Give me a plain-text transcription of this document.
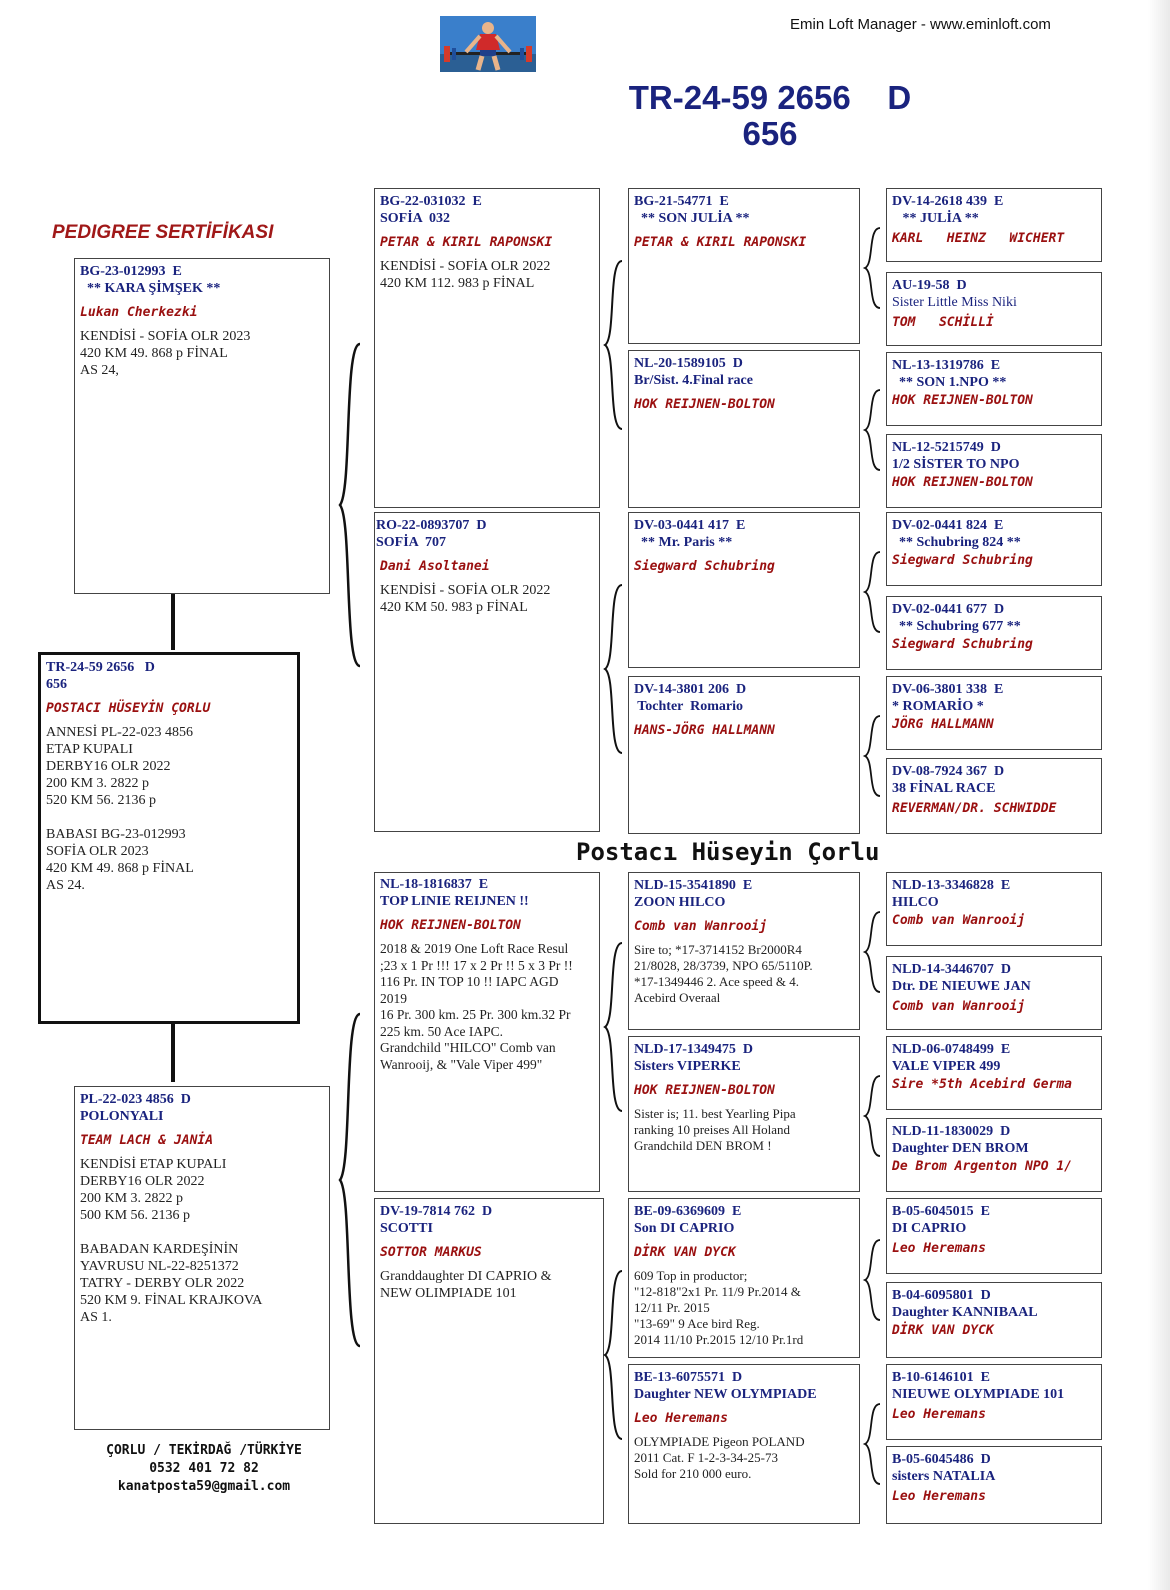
Emin Loft Manager - www.eminloft.com
TR-24-59 2656    D
656
PEDIGREE SERTİFİKASI
Postacı Hüseyin Çorlu
ÇORLU / TEKİRDAĞ /TÜRKİYE
0532 401 72 82
kanatposta59@gmail.com
BG-23-012993  E
** KARA ŞİMŞEK **
Lukan Cherkezki
KENDİSİ - SOFİA OLR 2023
420 KM 49. 868 p FİNAL
AS 24,
TR-24-59 2656   D
656
POSTACI HÜSEYİN ÇORLU
ANNESİ PL-22-023 4856
ETAP KUPALI
DERBY16 OLR 2022
200 KM 3. 2822 p
520 KM 56. 2136 p

BABASI BG-23-012993
SOFİA OLR 2023
420 KM 49. 868 p FİNAL
AS 24.
PL-22-023 4856  D
POLONYALI
TEAM LACH & JANİA
KENDİSİ ETAP KUPALI
DERBY16 OLR 2022
200 KM 3. 2822 p
500 KM 56. 2136 p

BABADAN KARDEŞİNİN
YAVRUSU NL-22-8251372
TATRY - DERBY OLR 2022
520 KM 9. FİNAL KRAJKOVA
AS 1.
BG-22-031032  E
SOFİA  032
PETAR & KIRIL RAPONSKI
KENDİSİ - SOFİA OLR 2022
420 KM 112. 983 p FİNAL
RO-22-0893707  D
SOFİA  707
Dani Asoltanei
KENDİSİ - SOFİA OLR 2022
420 KM 50. 983 p FİNAL
NL-18-1816837  E
TOP LINIE REIJNEN !!
HOK REIJNEN-BOLTON
2018 & 2019 One Loft Race Resul
;23 x 1 Pr !!! 17 x 2 Pr !! 5 x 3 Pr !!
116 Pr. IN TOP 10 !! IAPC AGD
2019
16 Pr. 300 km. 25 Pr. 300 km.32 Pr
225 km. 50 Ace IAPC.
Grandchild "HILCO" Comb van
Wanrooij, & "Vale Viper 499"
DV-19-7814 762  D
SCOTTI
SOTTOR MARKUS
Granddaughter DI CAPRIO &
NEW OLIMPIADE 101
BG-21-54771  E
** SON JULİA **
PETAR & KIRIL RAPONSKI
NL-20-1589105  D
Br/Sist. 4.Final race
HOK REIJNEN-BOLTON
DV-03-0441 417  E
** Mr. Paris **
Siegward Schubring
DV-14-3801 206  D
Tochter  Romario
HANS-JÖRG HALLMANN
NLD-15-3541890  E
ZOON HILCO
Comb van Wanrooij
Sire to; *17-3714152 Br2000R4
21/8028, 28/3739, NPO 65/5110P.
*17-1349446 2. Ace speed & 4.
Acebird Overaal
NLD-17-1349475  D
Sisters VIPERKE
HOK REIJNEN-BOLTON
Sister is; 11. best Yearling Pipa
ranking 10 preises All Holand
Grandchild DEN BROM !
BE-09-6369609  E
Son DI CAPRIO
DİRK VAN DYCK
609 Top in productor;
"12-818"2x1 Pr. 11/9 Pr.2014 &
12/11 Pr. 2015
"13-69" 9 Ace bird Reg.
2014 11/10 Pr.2015 12/10 Pr.1rd
BE-13-6075571  D
Daughter NEW OLYMPIADE
Leo Heremans
OLYMPIADE Pigeon POLAND
2011 Cat. F 1-2-3-34-25-73
Sold for 210 000 euro.
DV-14-2618 439  E
** JULİA **
KARL   HEINZ   WICHERT
AU-19-58  D
Sister Little Miss Niki
TOM   SCHİLLİ
NL-13-1319786  E
** SON 1.NPO **
HOK REIJNEN-BOLTON
NL-12-5215749  D
1/2 SİSTER TO NPO
HOK REIJNEN-BOLTON
DV-02-0441 824  E
** Schubring 824 **
Siegward Schubring
DV-02-0441 677  D
** Schubring 677 **
Siegward Schubring
DV-06-3801 338  E
* ROMARİO *
JÖRG HALLMANN
DV-08-7924 367  D
38 FİNAL RACE
REVERMAN/DR. SCHWIDDE
NLD-13-3346828  E
HILCO
Comb van Wanrooij
NLD-14-3446707  D
Dtr. DE NIEUWE JAN
Comb van Wanrooij
NLD-06-0748499  E
VALE VIPER 499
Sire *5th Acebird Germa
NLD-11-1830029  D
Daughter DEN BROM
De Brom Argenton NPO 1/
B-05-6045015  E
DI CAPRIO
Leo Heremans
B-04-6095801  D
Daughter KANNIBAAL
DİRK VAN DYCK
B-10-6146101  E
NIEUWE OLYMPIADE 101
Leo Heremans
B-05-6045486  D
sisters NATALIA
Leo Heremans
